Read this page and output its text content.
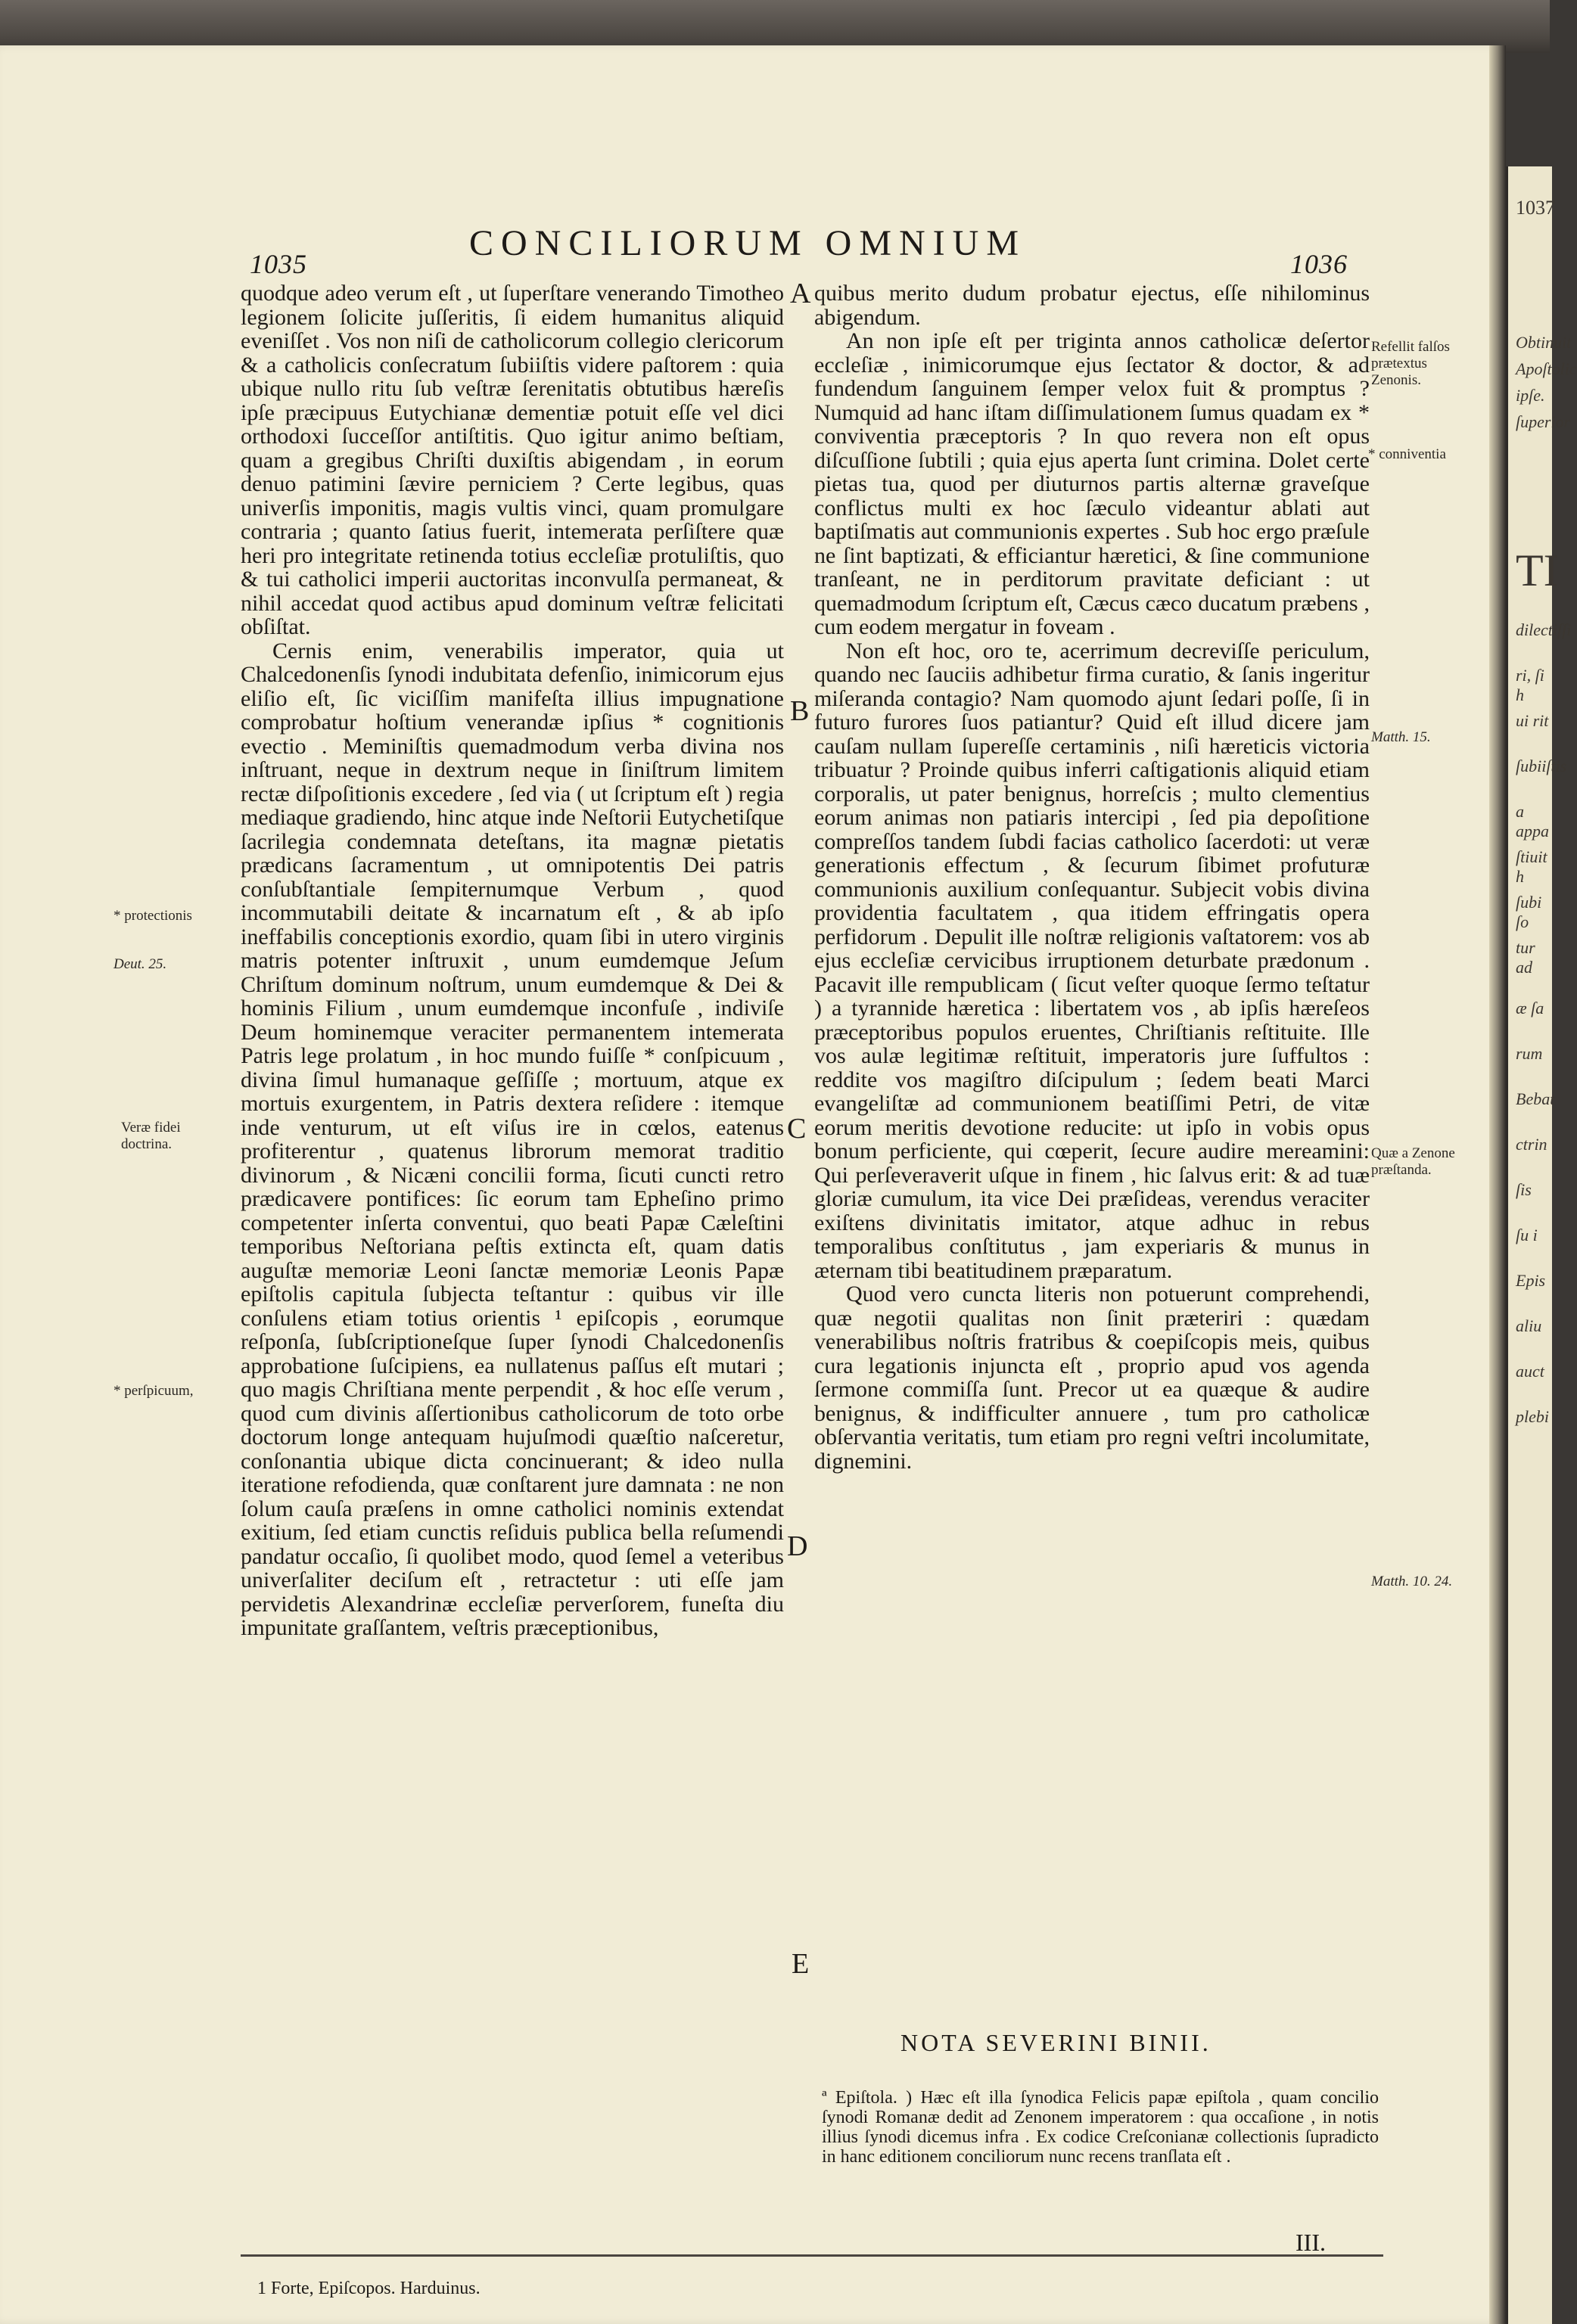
1037
Obtinuit
Apoſtolic
ipſe.
ſuperior
TI
dilectiſſi
ri, ſi h
ui rit
ſubiiſtis
a appa
ſtiuit h
ſubi ſo
tur ad
æ ſa
rum
Bebat
ctrin
ſis
ſu i
Epis
aliu
auct
plebi
1035
CONCILIORUM OMNIUM
1036

quodque adeo verum eſt , ut ſuperſtare venerando Timotheo legionem ſolicite juſſeritis, ſi eidem humanitus aliquid eveniſſet . Vos non niſi de catholicorum collegio clericorum & a catholicis conſecratum ſubiiſtis videre paſtorem : quia ubique nullo ritu ſub veſtræ ſerenitatis obtutibus hæreſis ipſe præcipuus Eutychianæ dementiæ potuit eſſe vel dici orthodoxi ſucceſſor antiſtitis. Quo igitur animo beſtiam, quam a gregibus Chriſti duxiſtis abigendam , in eorum denuo patimini ſævire perniciem ? Certe legibus, quas univerſis imponitis, magis vultis vinci, quam promulgare contraria ; quanto ſatius fuerit, intemerata perſiſtere quæ heri pro integritate retinenda totius eccleſiæ protuliſtis, quo & tui catholici imperii auctoritas inconvulſa permaneat, & nihil accedat quod actibus apud dominum veſtræ felicitati obſiſtat.

Cernis enim, venerabilis imperator, quia ut Chalcedonenſis ſynodi indubitata defenſio, inimicorum ejus eliſio eſt, ſic viciſſim manifeſta illius impugnatione comprobatur hoſtium venerandæ ipſius * cognitionis evectio . Meminiſtis quemadmodum verba divina nos inſtruant, neque in dextrum neque in ſiniſtrum limitem rectæ diſpoſitionis excedere , ſed via ( ut ſcriptum eſt ) regia mediaque gradiendo, hinc atque inde Neſtorii Eutychetiſque ſacrilegia condemnata deteſtans, ita magnæ pietatis prædicans ſacramentum , ut omnipotentis Dei patris conſubſtantiale ſempiternumque Verbum , quod incommutabili deitate & incarnatum eſt , & ab ipſo ineffabilis conceptionis exordio, quam ſibi in utero virginis matris potenter inſtruxit , unum eumdemque Jeſum Chriſtum dominum noſtrum, unum eumdemque & Dei & hominis Filium , unum eumdemque inconfuſe , indiviſe Deum hominemque veraciter permanentem intemerata Patris lege prolatum , in hoc mundo fuiſſe * conſpicuum , divina ſimul humanaque geſſiſſe ; mortuum, atque ex mortuis exurgentem, in Patris dextera reſidere : itemque inde venturum, ut eſt viſus ire in cœlos, eatenus profiterentur , quatenus librorum memorat traditio divinorum , & Nicæni concilii forma, ſicuti cuncti retro prædicavere pontifices: ſic eorum tam Epheſino primo competenter inſerta conventui, quo beati Papæ Cæleſtini temporibus Neſtoriana peſtis extincta eſt, quam datis auguſtæ memoriæ Leoni ſanctæ memoriæ Leonis Papæ epiſtolis capitula ſubjecta teſtantur : quibus vir ille conſulens etiam totius orientis ¹ epiſcopis , eorumque reſponſa, ſubſcriptioneſque ſuper ſynodi Chalcedonenſis approbatione ſuſcipiens, ea nullatenus paſſus eſt mutari ; quo magis Chriſtiana mente perpendit , & hoc eſſe verum , quod cum divinis aſſertionibus catholicorum de toto orbe doctorum longe antequam hujuſmodi quæſtio naſceretur, conſonantia ubique dicta concinuerant; & ideo nulla iteratione refodienda, quæ conſtarent jure damnata : ne non ſolum cauſa præſens in omne catholici nominis extendat exitium, ſed etiam cunctis reſiduis publica bella reſumendi pandatur occaſio, ſi quolibet modo, quod ſemel a veteribus univerſaliter deciſum eſt , retractetur : uti eſſe jam pervidetis Alexandrinæ eccleſiæ perverſorem, funeſta diu impunitate graſſantem, veſtris præceptionibus,

A
B
C
D
E

quibus merito dudum probatur ejectus, eſſe nihilominus abigendum.

An non ipſe eſt per triginta annos catholicæ deſertor eccleſiæ , inimicorumque ejus ſectator & doctor, & ad fundendum ſanguinem ſemper velox fuit & promptus ? Numquid ad hanc iſtam diſſimulationem ſumus quadam ex * conviventia præceptoris ? In quo revera non eſt opus diſcuſſione ſubtili ; quia ejus aperta ſunt crimina. Dolet certe pietas tua, quod per diuturnos partis alternæ graveſque conflictus multi ex hoc ſæculo videantur ablati aut baptiſmatis aut communionis expertes . Sub hoc ergo præſule ne ſint baptizati, & efficiantur hæretici, & ſine communione tranſeant, ne in perditorum pravitate deficiant : ut quemadmodum ſcriptum eſt, Cæcus cæco ducatum præbens , cum eodem mergatur in foveam .

Non eſt hoc, oro te, acerrimum decreviſſe periculum, quando nec ſauciis adhibetur firma curatio, & ſanis ingeritur miſeranda contagio? Nam quomodo ajunt ſedari poſſe, ſi in futuro furores ſuos patiantur? Quid eſt illud dicere jam cauſam nullam ſupereſſe certaminis , niſi hæreticis victoria tribuatur ? Proinde quibus inferri caſtigationis aliquid etiam corporalis, ut pater benignus, horreſcis ; multo clementius eorum animas non patiaris intercipi , ſed pia depoſitione compreſſos tandem ſubdi facias catholico ſacerdoti: ut veræ generationis effectum , & ſecurum ſibimet profuturæ communionis auxilium conſequantur. Subjecit vobis divina providentia facultatem , qua itidem effringatis opera perfidorum . Depulit ille noſtræ religionis vaſtatorem: vos ab ejus eccleſiæ cervicibus irruptionem deturbate prædonum . Pacavit ille rempublicam ( ſicut veſter quoque ſermo teſtatur ) a tyrannide hæretica : libertatem vos , ab ipſis hæreſeos præceptoribus populos eruentes, Chriſtianis reſtituite. Ille vos aulæ legitimæ reſtituit, imperatoris jure ſuffultos : reddite vos magiſtro diſcipulum ; ſedem beati Marci evangeliſtæ ad communionem beatiſſimi Petri, de vitæ eorum meritis devotione reducite: ut ipſo in vobis opus bonum perficiente, qui cœperit, ſecure audire mereamini: Qui perſeveraverit uſque in finem , hic ſalvus erit: & ad tuæ gloriæ cumulum, ita vice Dei præſideas, verendus veraciter exiſtens divinitatis imitator, atque adhuc in rebus temporalibus conſtitutus , jam experiaris & munus in æternam tibi beatitudinem præparatum.

Quod vero cuncta literis non potuerunt comprehendi, quæ negotii qualitas non ſinit præteriri : quædam venerabilibus noſtris fratribus & coepiſcopis meis, quibus cura legationis injuncta eſt , proprio apud vos agenda ſermone commiſſa ſunt. Precor ut ea quæque & audire benignus, & indifficulter annuere , tum pro catholicæ obſervantia veritatis, tum etiam pro regni veſtri incolumitate, dignemini.

* protectionis
Deut. 25.
Veræ fidei doctrina.
* perſpicuum,
Refellit falſos prætextus Zenonis.
* conniventia
Matth. 15.
Quæ a Zenone præſtanda.
Matth. 10. 24.
NOTA SEVERINI BINII.
ª Epiſtola. ) Hæc eſt illa ſynodica Felicis papæ epiſtola , quam concilio ſynodi Romanæ dedit ad Zenonem imperatorem : qua occaſione , in notis illius ſynodi dicemus infra . Ex codice Creſconianæ collectionis ſupradicto in hanc editionem conciliorum nunc recens tranſlata eſt .
III.
1 Forte, Epiſcopos. Harduinus.
